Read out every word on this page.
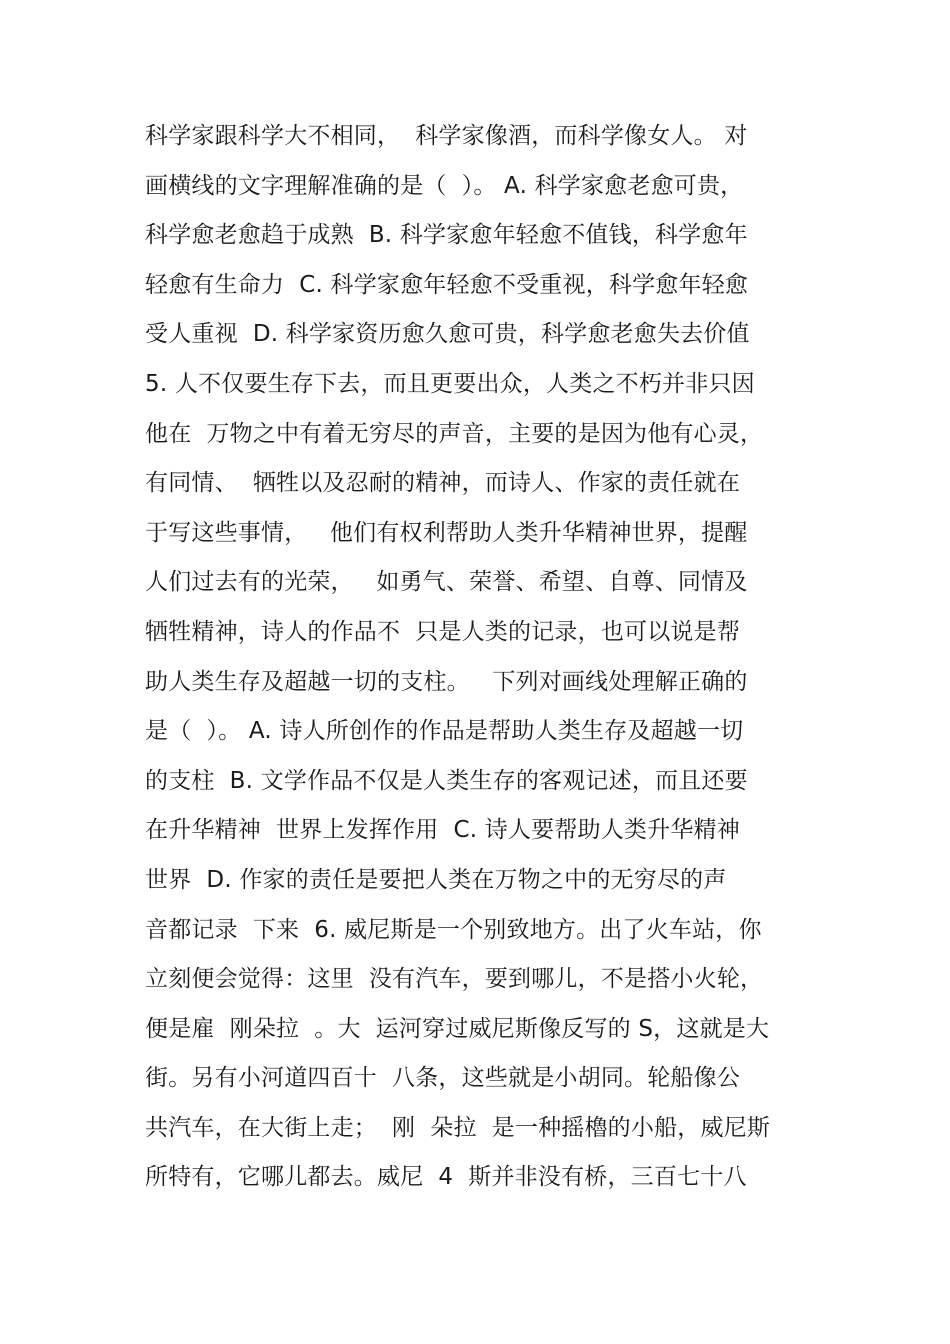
科学家跟科学大不相同，  科学家像酒，而科学像女人。 对
画横线的文字理解准确的是（  ）。 A. 科学家愈老愈可贵，
科学愈老愈趋于成熟  B. 科学家愈年轻愈不值钱，科学愈年
轻愈有生命力  C. 科学家愈年轻愈不受重视，科学愈年轻愈
受人重视  D. 科学家资历愈久愈可贵，科学愈老愈失去价值
5. 人不仅要生存下去，而且更要出众，人类之不朽并非只因
他在  万物之中有着无穷尽的声音，主要的是因为他有心灵，
有同情、  牺牲以及忍耐的精神，而诗人、作家的责任就在
于写这些事情，   他们有权利帮助人类升华精神世界，提醒
人们过去有的光荣，   如勇气、荣誉、希望、自尊、同情及
牺牲精神，诗人的作品不  只是人类的记录，也可以说是帮
助人类生存及超越一切的支柱。   下列对画线处理解正确的
是（  ）。 A. 诗人所创作的作品是帮助人类生存及超越一切
的支柱  B. 文学作品不仅是人类生存的客观记述，而且还要
在升华精神  世界上发挥作用  C. 诗人要帮助人类升华精神
世界  D. 作家的责任是要把人类在万物之中的无穷尽的声
音都记录  下来  6. 威尼斯是一个别致地方。出了火车站，你
立刻便会觉得：这里  没有汽车，要到哪儿，不是搭小火轮，
便是雇  刚朵拉  。大  运河穿过威尼斯像反写的 S，这就是大
街。另有小河道四百十  八条，这些就是小胡同。轮船像公
共汽车，在大街上走；  刚  朵拉  是一种摇櫓的小船，威尼斯
所特有，它哪儿都去。威尼  4  斯并非没有桥，三百七十八
